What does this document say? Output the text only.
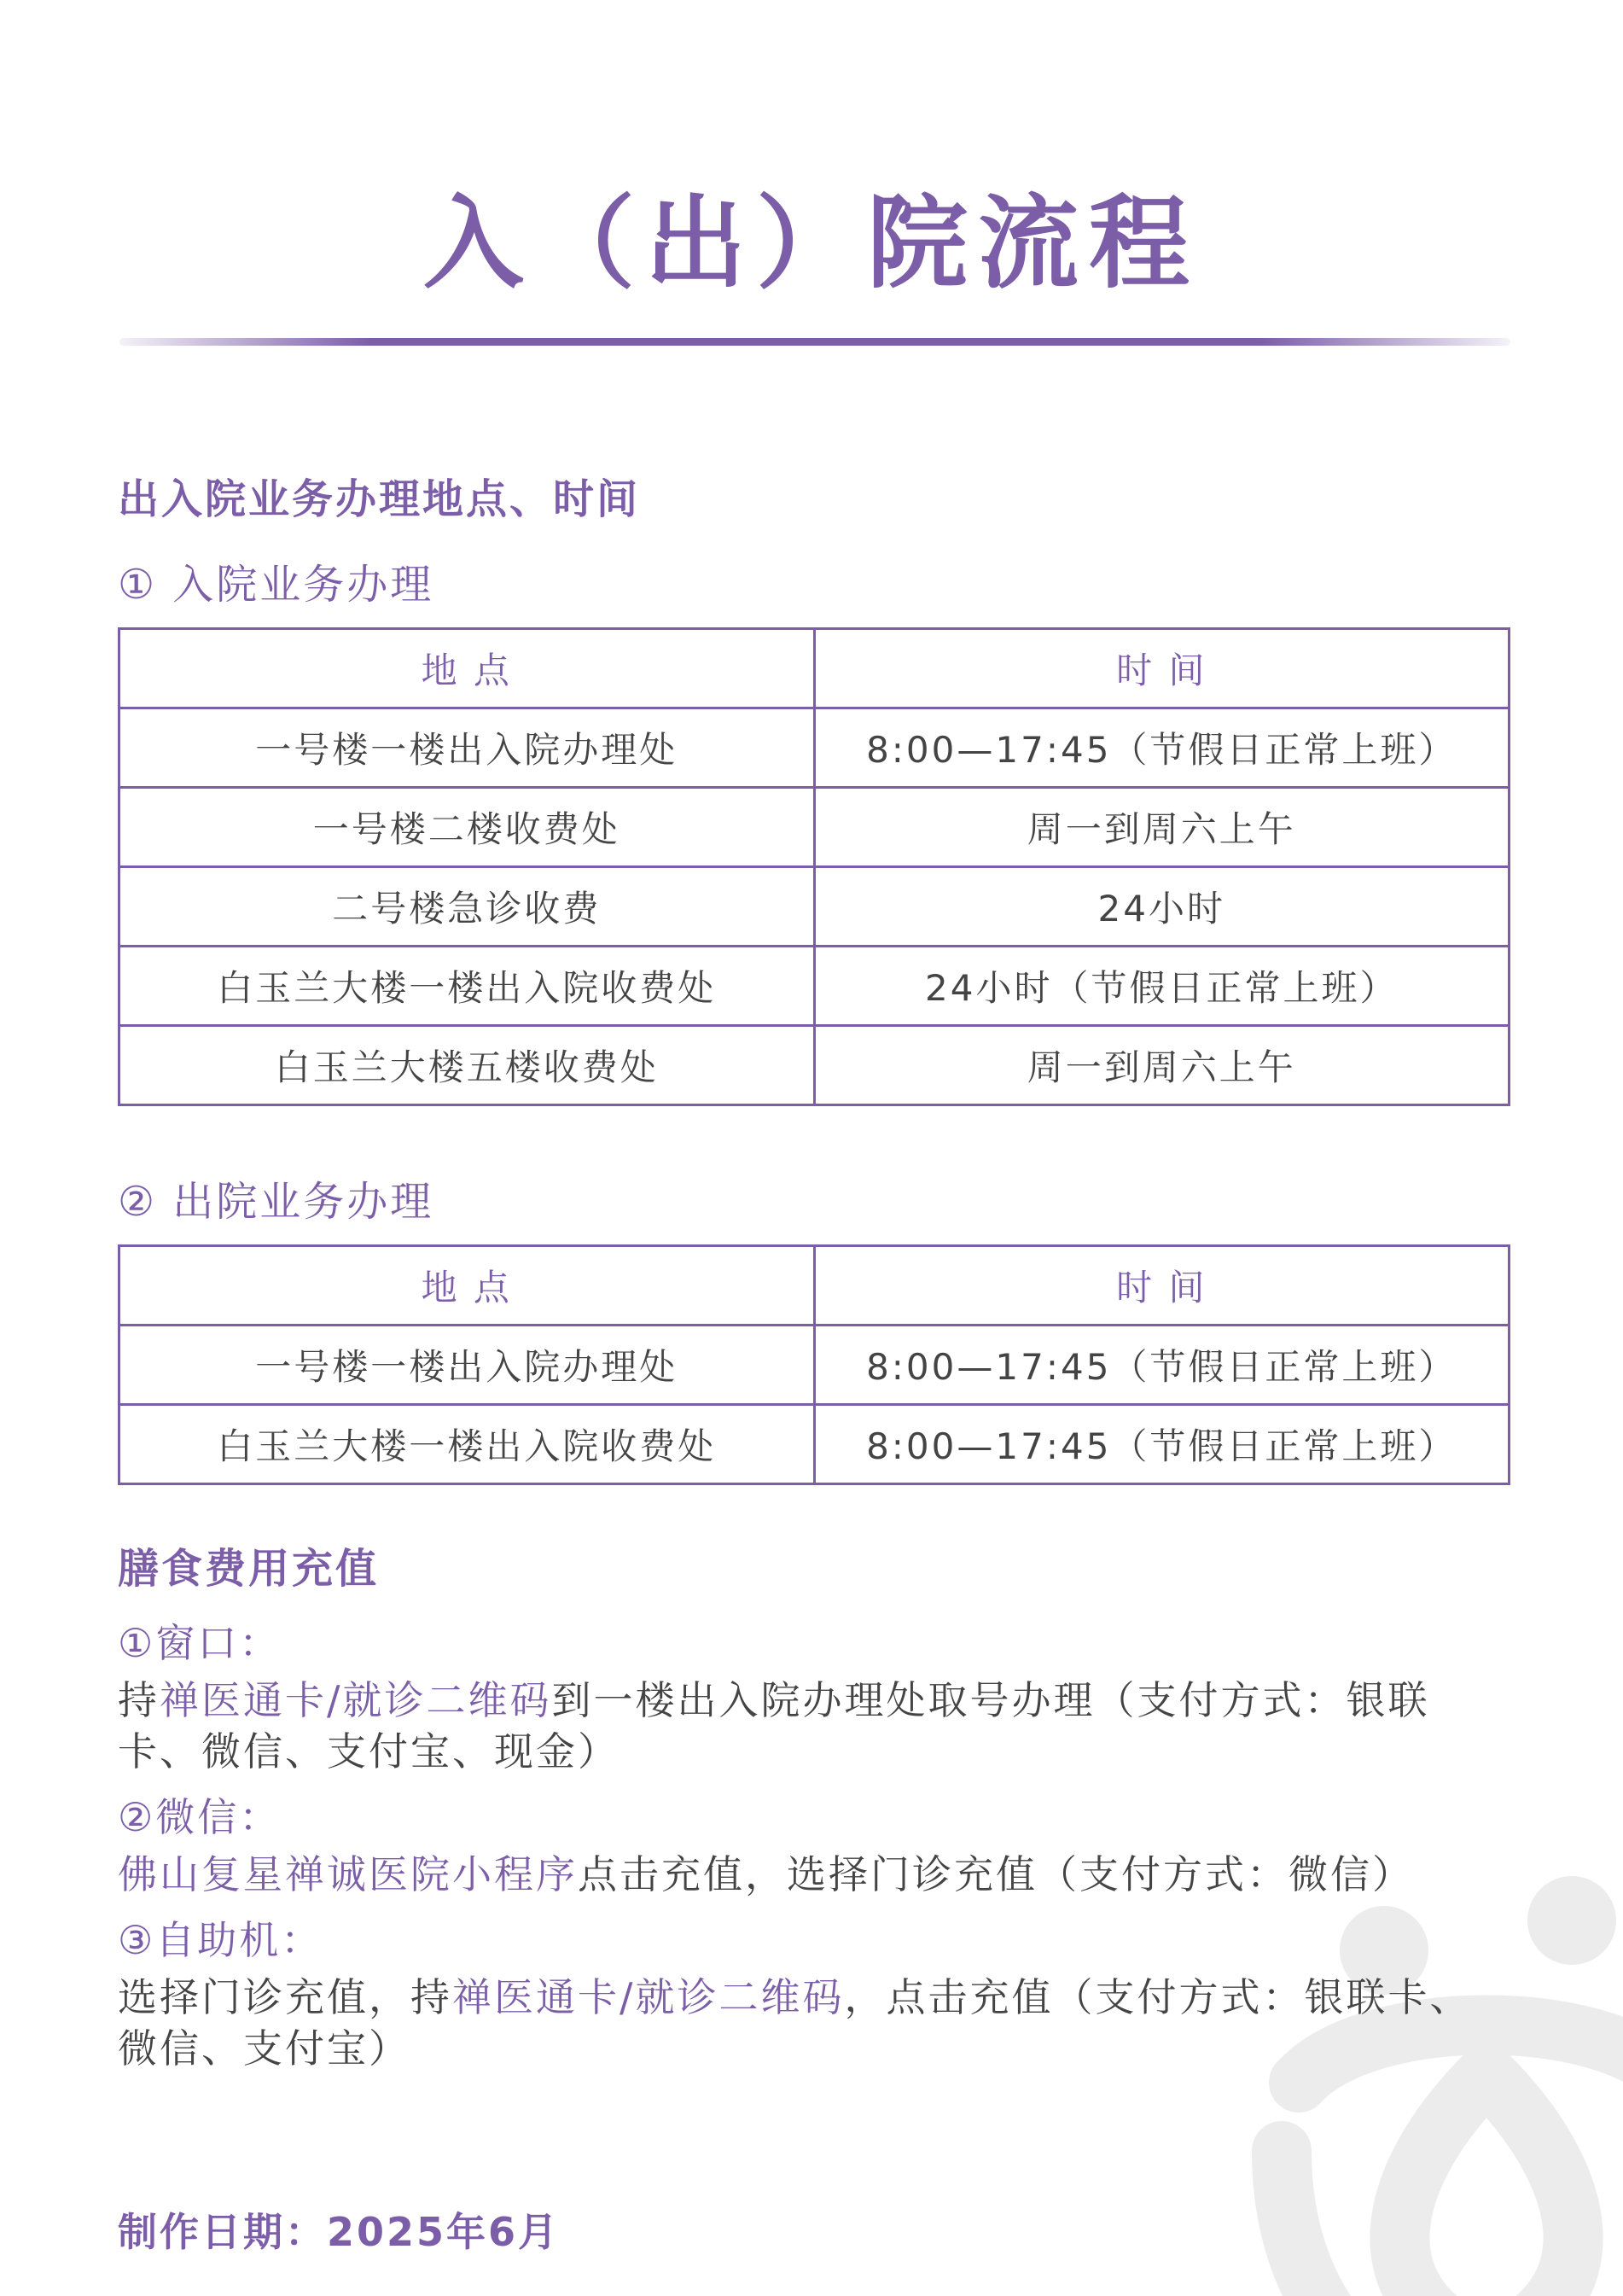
入（出）院流程
出入院业务办理地点、时间
① 入院业务办理
地 点	时 间
一号楼一楼出入院办理处	8:00—17:45（节假日正常上班）
一号楼二楼收费处	周一到周六上午
二号楼急诊收费	24小时
白玉兰大楼一楼出入院收费处	24小时（节假日正常上班）
白玉兰大楼五楼收费处	周一到周六上午
② 出院业务办理
地 点	时 间
一号楼一楼出入院办理处	8:00—17:45（节假日正常上班）
白玉兰大楼一楼出入院收费处	8:00—17:45（节假日正常上班）
膳食费用充值
①窗口：

持禅医通卡/就诊二维码到一楼出入院办理处取号办理（支付方式：银联卡、微信、支付宝、现金）

②微信：

佛山复星禅诚医院小程序点击充值，选择门诊充值（支付方式：微信）

③自助机：

选择门诊充值，持禅医通卡/就诊二维码，点击充值（支付方式：银联卡、微信、支付宝）

制作日期：2025年6月
